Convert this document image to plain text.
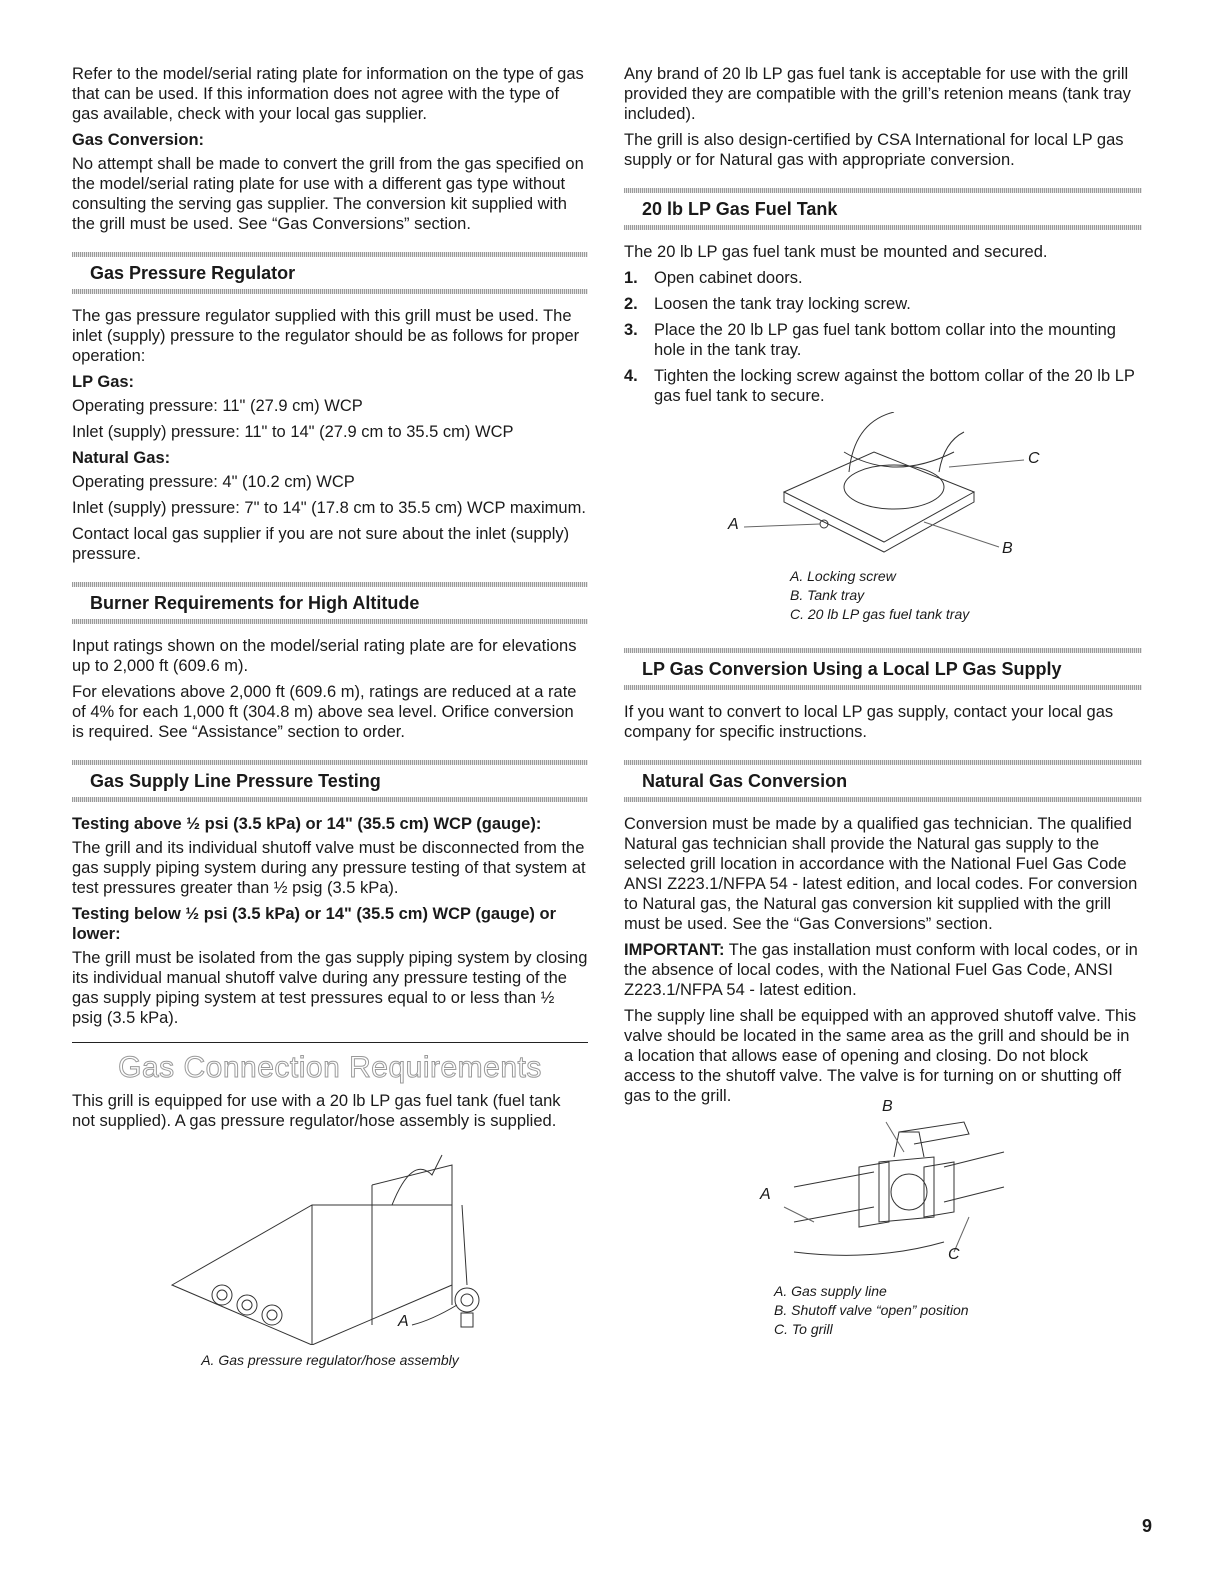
Refer to the model/serial rating plate for information on the type of gas that can be used. If this information does not agree with the type of gas available, check with your local gas supplier.

Gas Conversion:

No attempt shall be made to convert the grill from the gas specified on the model/serial rating plate for use with a different gas type without consulting the serving gas supplier. The conversion kit supplied with the grill must be used. See “Gas Conversions” section.

Gas Pressure Regulator

The gas pressure regulator supplied with this grill must be used. The inlet (supply) pressure to the regulator should be as follows for proper operation:

LP Gas:

Operating pressure: 11" (27.9 cm) WCP

Inlet (supply) pressure: 11" to 14" (27.9 cm to 35.5 cm) WCP

Natural Gas:

Operating pressure: 4" (10.2 cm) WCP

Inlet (supply) pressure: 7" to 14" (17.8 cm to 35.5 cm) WCP maximum.

Contact local gas supplier if you are not sure about the inlet (supply) pressure.

Burner Requirements for High Altitude

Input ratings shown on the model/serial rating plate are for elevations up to 2,000 ft (609.6 m).

For elevations above 2,000 ft (609.6 m), ratings are reduced at a rate of 4% for each 1,000 ft (304.8 m) above sea level. Orifice conversion is required. See “Assistance” section to order.

Gas Supply Line Pressure Testing
Testing above ½ psi (3.5 kPa) or 14" (35.5 cm) WCP (gauge):

The grill and its individual shutoff valve must be disconnected from the gas supply piping system during any pressure testing of that system at test pressures greater than ½ psig (3.5 kPa).

Testing below ½ psi (3.5 kPa) or 14" (35.5 cm) WCP (gauge) or lower:

The grill must be isolated from the gas supply piping system by closing its individual manual shutoff valve during any pressure testing of the gas supply piping system at test pressures equal to or less than ½ psig (3.5 kPa).

Gas Connection Requirements

This grill is equipped for use with a 20 lb LP gas fuel tank (fuel tank not supplied). A gas pressure regulator/hose assembly is supplied.

A
A. Gas pressure regulator/hose assembly

Any brand of 20 lb LP gas fuel tank is acceptable for use with the grill provided they are compatible with the grill’s retenion means (tank tray included).

The grill is also design-certified by CSA International for local LP gas supply or for Natural gas with appropriate conversion.

20 lb LP Gas Fuel Tank

The 20 lb LP gas fuel tank must be mounted and secured.

1. Open cabinet doors.
2. Loosen the tank tray locking screw.
3. Place the 20 lb LP gas fuel tank bottom collar into the mounting hole in the tank tray.
4. Tighten the locking screw against the bottom collar of the 20 lb LP gas fuel tank to secure.
A
B
C
A. Locking screw
B. Tank tray
C. 20 lb LP gas fuel tank tray
LP Gas Conversion Using a Local LP Gas Supply

If you want to convert to local LP gas supply, contact your local gas company for specific instructions.

Natural Gas Conversion

Conversion must be made by a qualified gas technician. The qualified Natural gas technician shall provide the Natural gas supply to the selected grill location in accordance with the National Fuel Gas Code ANSI Z223.1/NFPA 54 - latest edition, and local codes. For conversion to Natural gas, the Natural gas conversion kit supplied with the grill must be used. See the “Gas Conversions” section.

IMPORTANT: The gas installation must conform with local codes, or in the absence of local codes, with the National Fuel Gas Code, ANSI Z223.1/NFPA 54 - latest edition.

The supply line shall be equipped with an approved shutoff valve. This valve should be located in the same area as the grill and should be in a location that allows ease of opening and closing. Do not block access to the shutoff valve. The valve is for turning on or shutting off gas to the grill.

B
A
C
A. Gas supply line
B. Shutoff valve “open” position
C. To grill
9
